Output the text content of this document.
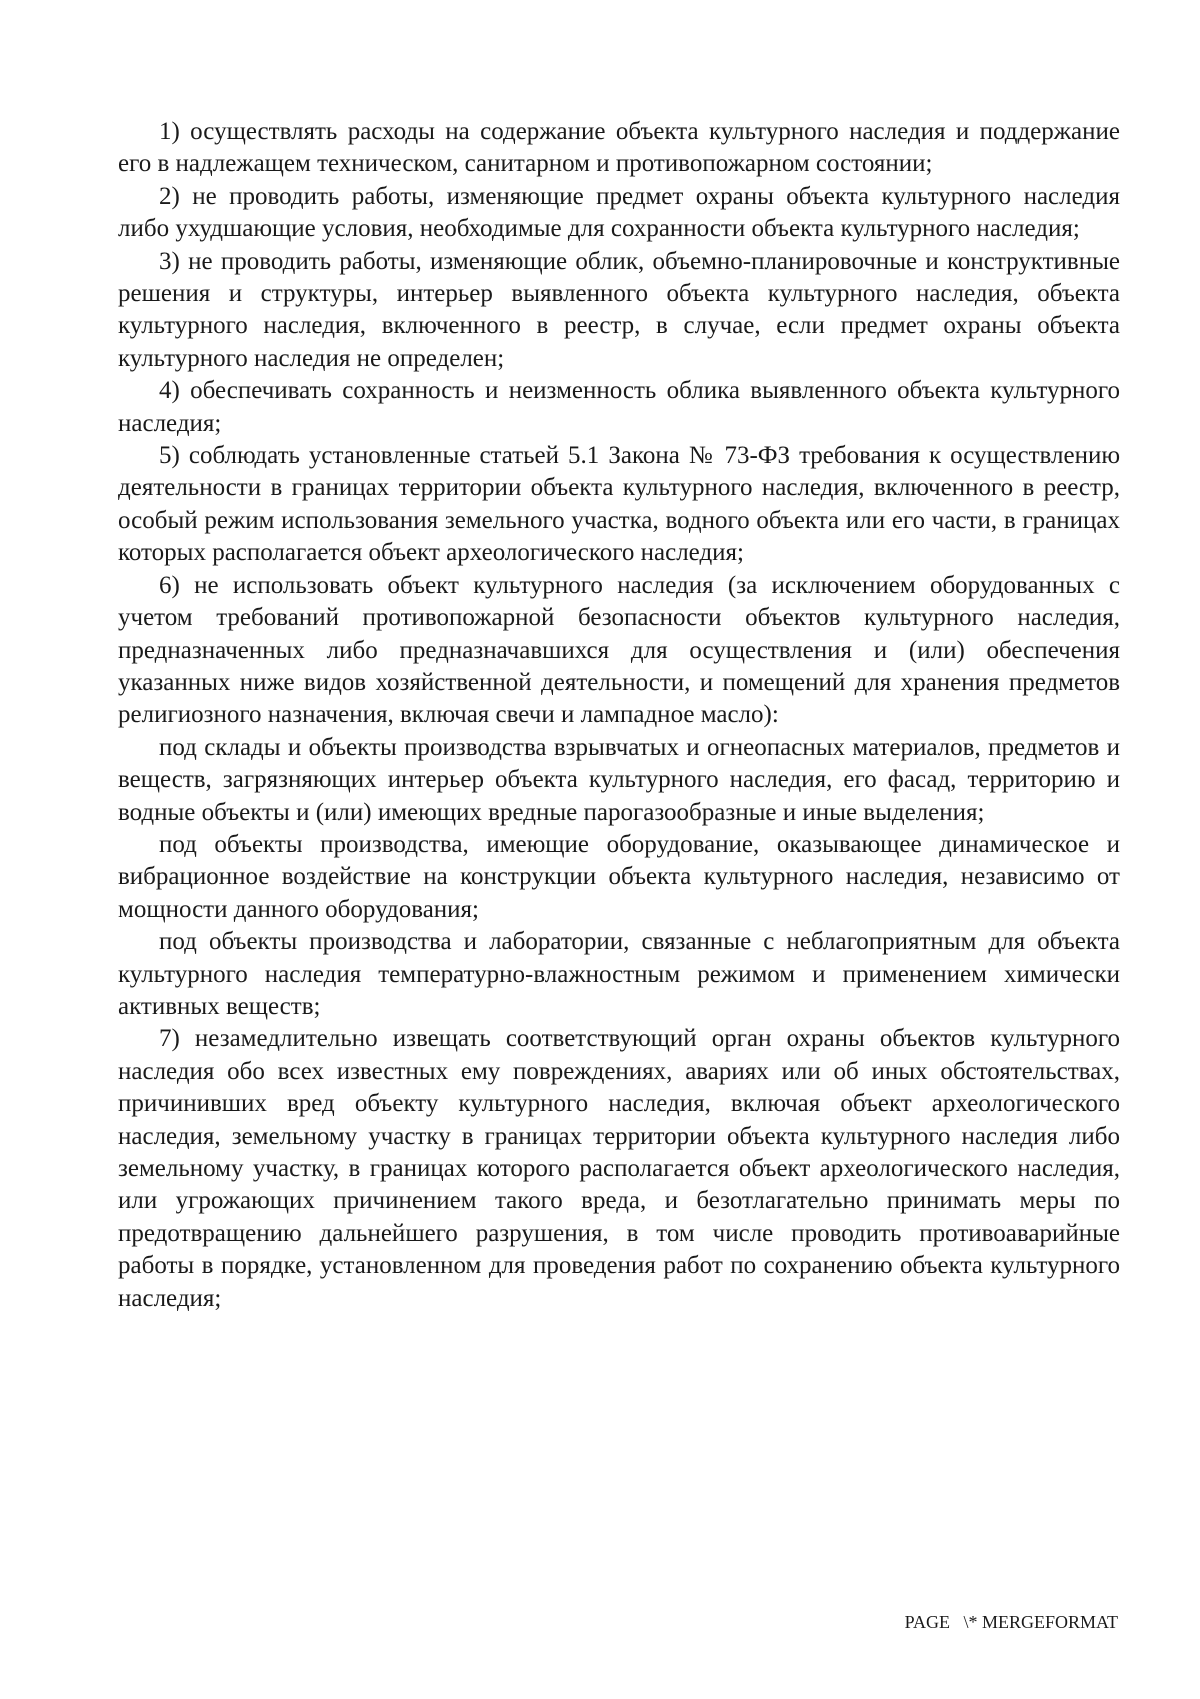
1) осуществлять расходы на содержание объекта культурного наследия и поддержание его в надлежащем техническом, санитарном и противопожарном состоянии;

2) не проводить работы, изменяющие предмет охраны объекта культурного наследия либо ухудшающие условия, необходимые для сохранности объекта культурного наследия;

3) не проводить работы, изменяющие облик, объемно-планировочные и конструктивные решения и структуры, интерьер выявленного объекта культурного наследия, объекта культурного наследия, включенного в реестр, в случае, если предмет охраны объекта культурного наследия не определен;

4) обеспечивать сохранность и неизменность облика выявленного объекта культурного наследия;

5) соблюдать установленные статьей 5.1 Закона № 73-ФЗ требования к осуществлению деятельности в границах территории объекта культурного наследия, включенного в реестр, особый режим использования земельного участка, водного объекта или его части, в границах которых располагается объект археологического наследия;

6) не использовать объект культурного наследия (за исключением оборудованных с учетом требований противопожарной безопасности объектов культурного наследия, предназначенных либо предназначавшихся для осуществления и (или) обеспечения указанных ниже видов хозяйственной деятельности, и помещений для хранения предметов религиозного назначения, включая свечи и лампадное масло):

под склады и объекты производства взрывчатых и огнеопасных материалов, предметов и веществ, загрязняющих интерьер объекта культурного наследия, его фасад, территорию и водные объекты и (или) имеющих вредные парогазообразные и иные выделения;

под объекты производства, имеющие оборудование, оказывающее динамическое и вибрационное воздействие на конструкции объекта культурного наследия, независимо от мощности данного оборудования;

под объекты производства и лаборатории, связанные с неблагоприятным для объекта культурного наследия температурно-влажностным режимом и применением химически активных веществ;

7) незамедлительно извещать соответствующий орган охраны объектов культурного наследия обо всех известных ему повреждениях, авариях или об иных обстоятельствах, причинивших вред объекту культурного наследия, включая объект археологического наследия, земельному участку в границах территории объекта культурного наследия либо земельному участку, в границах которого располагается объект археологического наследия, или угрожающих причинением такого вреда, и безотлагательно принимать меры по предотвращению дальнейшего разрушения, в том числе проводить противоаварийные работы в порядке, установленном для проведения работ по сохранению объекта культурного наследия;

PAGE   \* MERGEFORMAT
